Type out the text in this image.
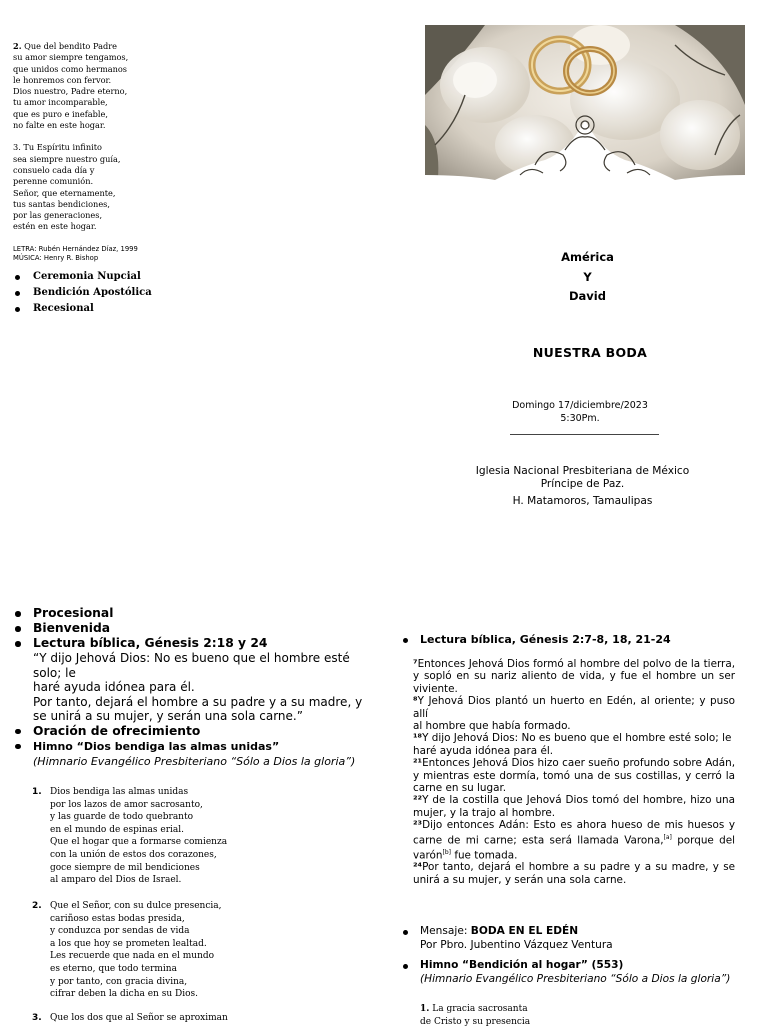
2. Que del bendito Padre
su amor siempre tengamos,
que unidos como hermanos
le honremos con fervor.
Dios nuestro, Padre eterno,
tu amor incomparable,
que es puro e inefable,
no falte en este hogar.

3. Tu Espíritu infinito
sea siempre nuestro guía,
consuelo cada día y
perenne comunión.
Señor, que eternamente,
tus santas bendiciones,
por las generaciones,
estén en este hogar.

LETRA: Rubén Hernández Díaz, 1999
MÚSICA: Henry R. Bishop
Ceremonia Nupcial
Bendición Apostólica
Recesional
América
Y
David
NUESTRA BODA
Domingo 17/diciembre/2023
5:30Pm.
Iglesia Nacional Presbiteriana de México
Príncipe de Paz.
H. Matamoros, Tamaulipas
Procesional
Bienvenida
Lectura bíblica, Génesis 2:18 y 24
“Y dijo Jehová Dios: No es bueno que el hombre esté solo; le
haré ayuda idónea para él.
Por tanto, dejará el hombre a su padre y a su madre, y se unirá a su mujer, y serán una sola carne.”
Oración de ofrecimiento
Himno “Dios bendiga las almas unidas”
(Himnario Evangélico Presbiteriano “Sólo a Dios la gloria”)
1. Dios bendiga las almas unidas
por los lazos de amor sacrosanto,
y las guarde de todo quebranto
en el mundo de espinas erial.
Que el hogar que a formarse comienza
con la unión de estos dos corazones,
goce siempre de mil bendiciones
al amparo del Dios de Israel.
2. Que el Señor, con su dulce presencia,
cariñoso estas bodas presida,
y conduzca por sendas de vida
a los que hoy se prometen lealtad.
Les recuerde que nada en el mundo
es eterno, que todo termina
y por tanto, con gracia divina,
cifrar deben la dicha en su Dios.
3. Que los dos que al Señor se aproximan
Lectura bíblica, Génesis 2:7-8, 18, 21-24

⁷Entonces Jehová Dios formó al hombre del polvo de la tierra, y sopló en su nariz aliento de vida, y fue el hombre un ser viviente.

⁸Y Jehová Dios plantó un huerto en Edén, al oriente; y puso allí

al hombre que había formado.

¹⁸Y dijo Jehová Dios: No es bueno que el hombre esté solo; le

haré ayuda idónea para él.

²¹Entonces Jehová Dios hizo caer sueño profundo sobre Adán, y mientras este dormía, tomó una de sus costillas, y cerró la carne en su lugar.

²²Y de la costilla que Jehová Dios tomó del hombre, hizo una mujer, y la trajo al hombre.

²³Dijo entonces Adán: Esto es ahora hueso de mis huesos y carne de mi carne; esta será llamada Varona,[a] porque del varón[b] fue tomada.

²⁴Por tanto, dejará el hombre a su padre y a su madre, y se unirá a su mujer, y serán una sola carne.

Mensaje: BODA EN EL EDÉN
Por Pbro. Jubentino Vázquez Ventura
Himno “Bendición al hogar” (553)
(Himnario Evangélico Presbiteriano “Sólo a Dios la gloria”)
1. La gracia sacrosanta
de Cristo y su presencia
